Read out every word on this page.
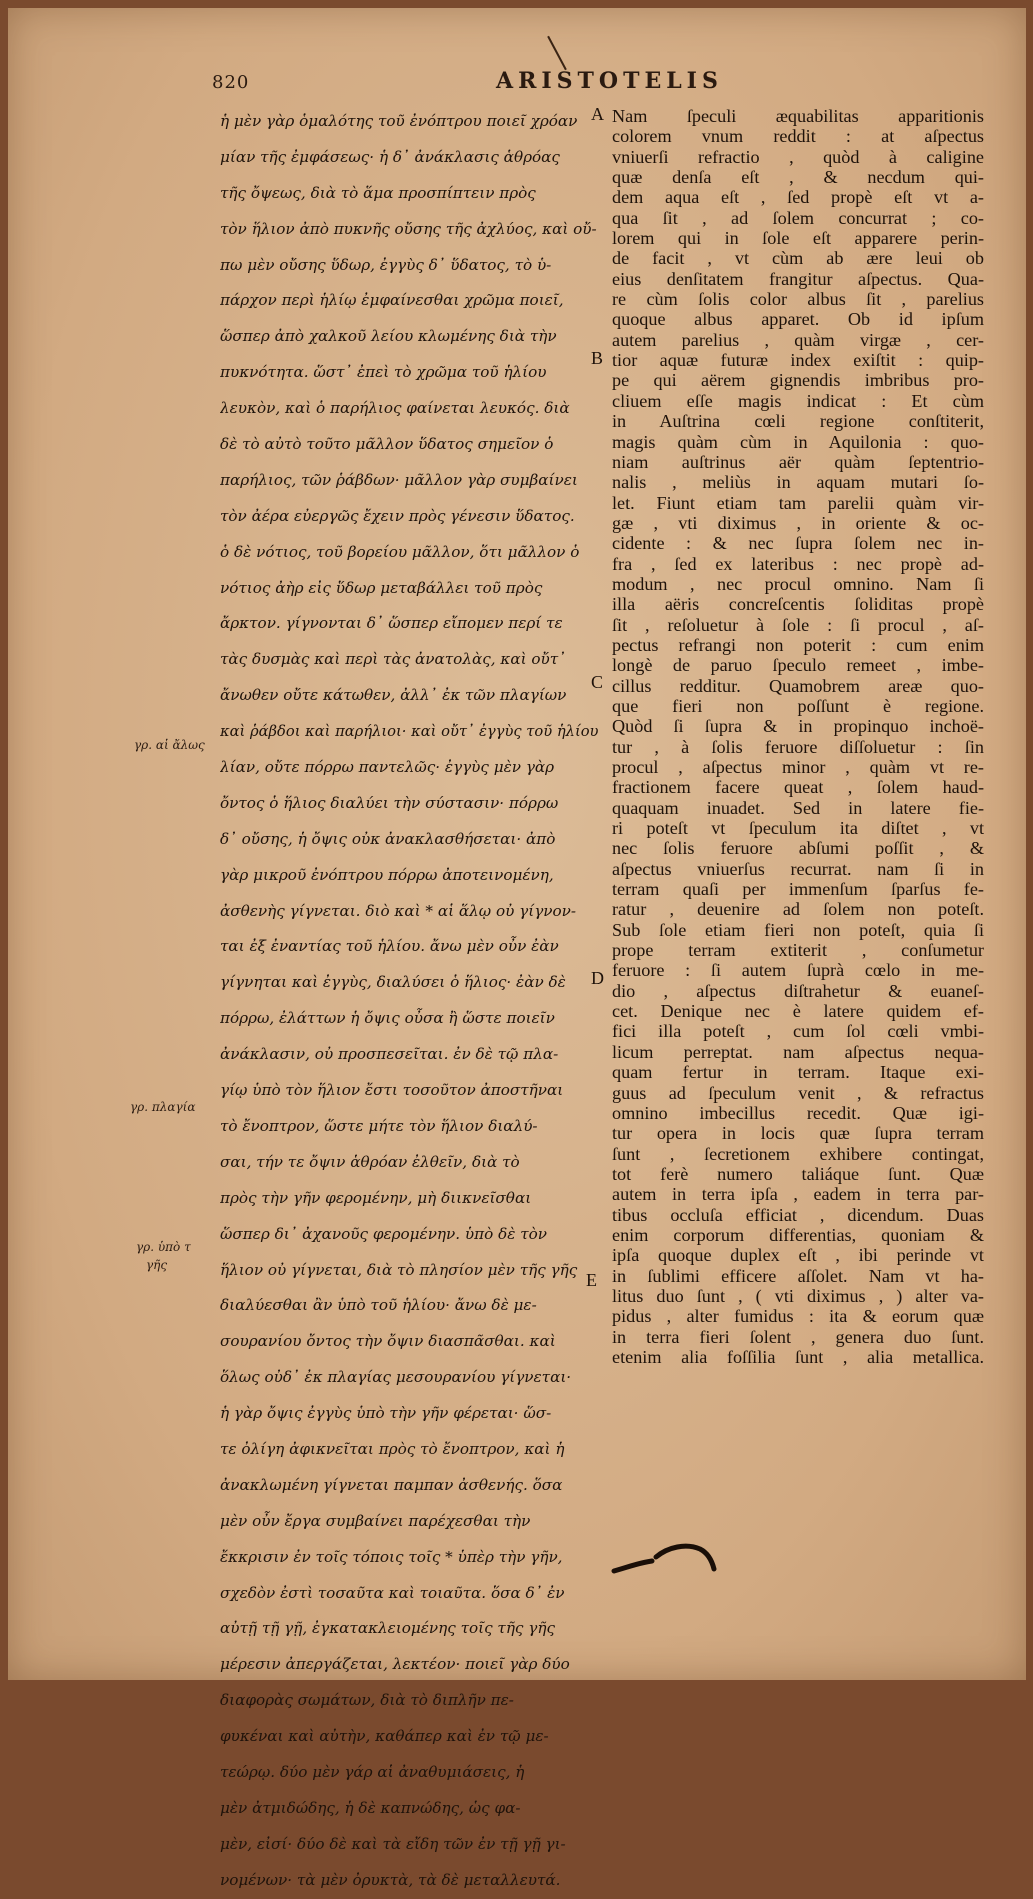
820	ARISTOTELIS
ἡ μὲν γὰρ ὁμαλότης τοῦ ἐνόπτρου ποιεῖ χρόαν
μίαν τῆς ἐμφάσεως· ἡ δ᾽ ἀνάκλασις ἁθρόας
τῆς ὄψεως, διὰ τὸ ἅμα προσπίπτειν πρὸς
τὸν ἥλιον ἀπὸ πυκνῆς οὔσης τῆς ἀχλύος, καὶ οὔ-
πω μὲν οὔσης ὕδωρ, ἐγγὺς δ᾽ ὕδατος, τὸ ὑ-
πάρχον περὶ ἡλίῳ ἐμφαίνεσθαι χρῶμα ποιεῖ,
ὥσπερ ἀπὸ χαλκοῦ λείου κλωμένης διὰ τὴν
πυκνότητα. ὥστ᾽ ἐπεὶ τὸ χρῶμα τοῦ ἡλίου
λευκὸν, καὶ ὁ παρήλιος φαίνεται λευκός. διὰ
δὲ τὸ αὐτὸ τοῦτο μᾶλλον ὕδατος σημεῖον ὁ
παρήλιος, τῶν ῥάβδων· μᾶλλον γὰρ συμβαίνει
τὸν ἀέρα εὐεργῶς ἔχειν πρὸς γένεσιν ὕδατος.
ὁ δὲ νότιος, τοῦ βορείου μᾶλλον, ὅτι μᾶλλον ὁ
νότιος ἀὴρ εἰς ὕδωρ μεταβάλλει τοῦ πρὸς
ἄρκτον. γίγνονται δ᾽ ὥσπερ εἴπομεν περί τε
τὰς δυσμὰς καὶ περὶ τὰς ἀνατολὰς, καὶ οὔτ᾽
ἄνωθεν οὔτε κάτωθεν, ἀλλ᾽ ἐκ τῶν πλαγίων
καὶ ῥάβδοι καὶ παρήλιοι· καὶ οὔτ᾽ ἐγγὺς τοῦ ἡλίου
λίαν, οὔτε πόρρω παντελῶς· ἐγγὺς μὲν γὰρ
ὄντος ὁ ἥλιος διαλύει τὴν σύστασιν· πόρρω
δ᾽ οὔσης, ἡ ὄψις οὐκ ἀνακλασθήσεται· ἀπὸ
γὰρ μικροῦ ἐνόπτρου πόρρω ἀποτεινομένη,
ἀσθενὴς γίγνεται. διὸ καὶ * αἱ ἅλῳ οὐ γίγνον-
ται ἐξ ἐναντίας τοῦ ἡλίου. ἄνω μὲν οὖν ἐὰν
γίγνηται καὶ ἐγγὺς, διαλύσει ὁ ἥλιος· ἐὰν δὲ
πόρρω, ἐλάττων ἡ ὄψις οὖσα ἢ ὥστε ποιεῖν
ἀνάκλασιν, οὐ προσπεσεῖται. ἐν δὲ τῷ πλα-
γίῳ ὑπὸ τὸν ἥλιον ἔστι τοσοῦτον ἀποστῆναι
τὸ ἔνοπτρον, ὥστε μήτε τὸν ἥλιον διαλύ-
σαι, τήν τε ὄψιν ἁθρόαν ἐλθεῖν, διὰ τὸ
πρὸς τὴν γῆν φερομένην, μὴ διικνεῖσθαι
ὥσπερ δι᾽ ἀχανοῦς φερομένην. ὑπὸ δὲ τὸν
ἥλιον οὐ γίγνεται, διὰ τὸ πλησίον μὲν τῆς γῆς
διαλύεσθαι ἂν ὑπὸ τοῦ ἡλίου· ἄνω δὲ με-
σουρανίου ὄντος τὴν ὄψιν διασπᾶσθαι. καὶ
ὅλως οὐδ᾽ ἐκ πλαγίας μεσουρανίου γίγνεται·
ἡ γὰρ ὄψις ἐγγὺς ὑπὸ τὴν γῆν φέρεται· ὥσ-
τε ὀλίγη ἀφικνεῖται πρὸς τὸ ἔνοπτρον, καὶ ἡ
ἀνακλωμένη γίγνεται παμπαν ἀσθενής. ὅσα
μὲν οὖν ἔργα συμβαίνει παρέχεσθαι τὴν
ἔκκρισιν ἐν τοῖς τόποις τοῖς * ὑπὲρ τὴν γῆν,
σχεδὸν ἐστὶ τοσαῦτα καὶ τοιαῦτα. ὅσα δ᾽ ἐν
αὐτῇ τῇ γῇ, ἐγκατακλειομένης τοῖς τῆς γῆς
μέρεσιν ἀπεργάζεται, λεκτέον· ποιεῖ γὰρ δύο
διαφορὰς σωμάτων, διὰ τὸ διπλῆν πε-
φυκέναι καὶ αὐτὴν, καθάπερ καὶ ἐν τῷ με-
τεώρῳ. δύο μὲν γάρ αἱ ἀναθυμιάσεις, ἡ
μὲν ἀτμιδώδης, ἡ δὲ καπνώδης, ὡς φα-
μὲν, εἰσί· δύο δὲ καὶ τὰ εἴδη τῶν ἐν τῇ γῇ γι-
νομένων· τὰ μὲν ὀρυκτὰ, τὰ δὲ μεταλλευτά.
Nam ſpeculi æquabilitas apparitionis
colorem vnum reddit : at aſpectus
vniuerſi refractio , quòd à caligine
quæ denſa eſt , & necdum qui-
dem aqua eſt , ſed propè eſt vt a-
qua ſit , ad ſolem concurrat ; co-
lorem qui in ſole eſt apparere perin-
de facit , vt cùm ab ære leui ob
eius denſitatem frangitur aſpectus. Qua-
re cùm ſolis color albus ſit , parelius
quoque albus apparet. Ob id ipſum
autem parelius , quàm virgæ , cer-
tior aquæ futuræ index exiſtit : quip-
pe qui aërem gignendis imbribus pro-
cliuem eſſe magis indicat : Et cùm
in Auſtrina cœli regione conſtiterit,
magis quàm cùm in Aquilonia : quo-
niam auſtrinus aër quàm ſeptentrio-
nalis , meliùs in aquam mutari ſo-
let. Fiunt etiam tam parelii quàm vir-
gæ , vti diximus , in oriente & oc-
cidente : & nec ſupra ſolem nec in-
fra , ſed ex lateribus : nec propè ad-
modum , nec procul omnino. Nam ſi
illa aëris concreſcentis ſoliditas propè
ſit , reſoluetur à ſole : ſi procul , aſ-
pectus refrangi non poterit : cum enim
longè de paruo ſpeculo remeet , imbe-
cillus redditur. Quamobrem areæ quo-
que fieri non poſſunt è regione.
Quòd ſi ſupra & in propinquo inchoë-
tur , à ſolis feruore diſſoluetur : ſin
procul , aſpectus minor , quàm vt re-
fractionem facere queat , ſolem haud-
quaquam inuadet. Sed in latere fie-
ri poteſt vt ſpeculum ita diſtet , vt
nec ſolis feruore abſumi poſſit , &
aſpectus vniuerſus recurrat. nam ſi in
terram quaſi per immenſum ſparſus fe-
ratur , deuenire ad ſolem non poteſt.
Sub ſole etiam fieri non poteſt, quia ſi
prope terram extiterit , conſumetur
feruore : ſi autem ſuprà cœlo in me-
dio , aſpectus diſtrahetur & euaneſ-
cet. Denique nec è latere quidem ef-
fici illa poteſt , cum ſol cœli vmbi-
licum perreptat. nam aſpectus nequa-
quam fertur in terram. Itaque exi-
guus ad ſpeculum venit , & refractus
omnino imbecillus recedit. Quæ igi-
tur opera in locis quæ ſupra terram
ſunt , ſecretionem exhibere contingat,
tot ferè numero taliáque ſunt. Quæ
autem in terra ipſa , eadem in terra par-
tibus occluſa efficiat , dicendum. Duas
enim corporum differentias, quoniam &
ipſa quoque duplex eſt , ibi perinde vt
in ſublimi efficere aſſolet. Nam vt ha-
litus duo ſunt , ( vti diximus , ) alter va-
pidus , alter fumidus : ita & eorum quæ
in terra fieri ſolent , genera duo ſunt.
etenim alia foſſilia ſunt , alia metallica.
A
B
C
D
E
γρ. αἱ ἄλως
γρ. πλαγία
γρ. ὑπὸ τ
γῆς
